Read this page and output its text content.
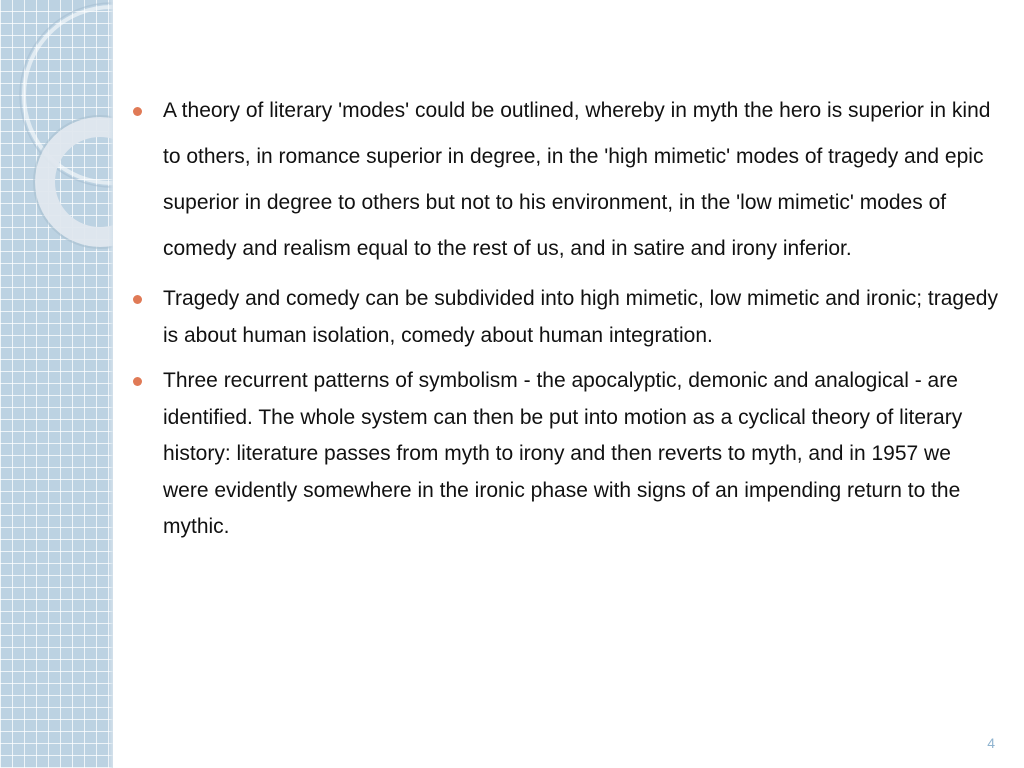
A theory of literary 'modes' could be outlined, whereby in myth the hero is superior in kind to others, in romance superior in degree, in the 'high mimetic' modes of tragedy and epic superior in degree to others but not to his environment, in the 'low mimetic' modes of comedy and realism equal to the rest of us, and in satire and irony inferior.
Tragedy and comedy can be subdivided into high mimetic, low mimetic and ironic; tragedy is about human isolation, comedy about human integration.
Three recurrent patterns of symbolism - the apocalyptic, demonic and analogical - are identified. The whole system can then be put into motion as a cyclical theory of literary history: literature passes from myth to irony and then reverts to myth, and in 1957 we were evidently somewhere in the ironic phase with signs of an impending return to the mythic.
4
